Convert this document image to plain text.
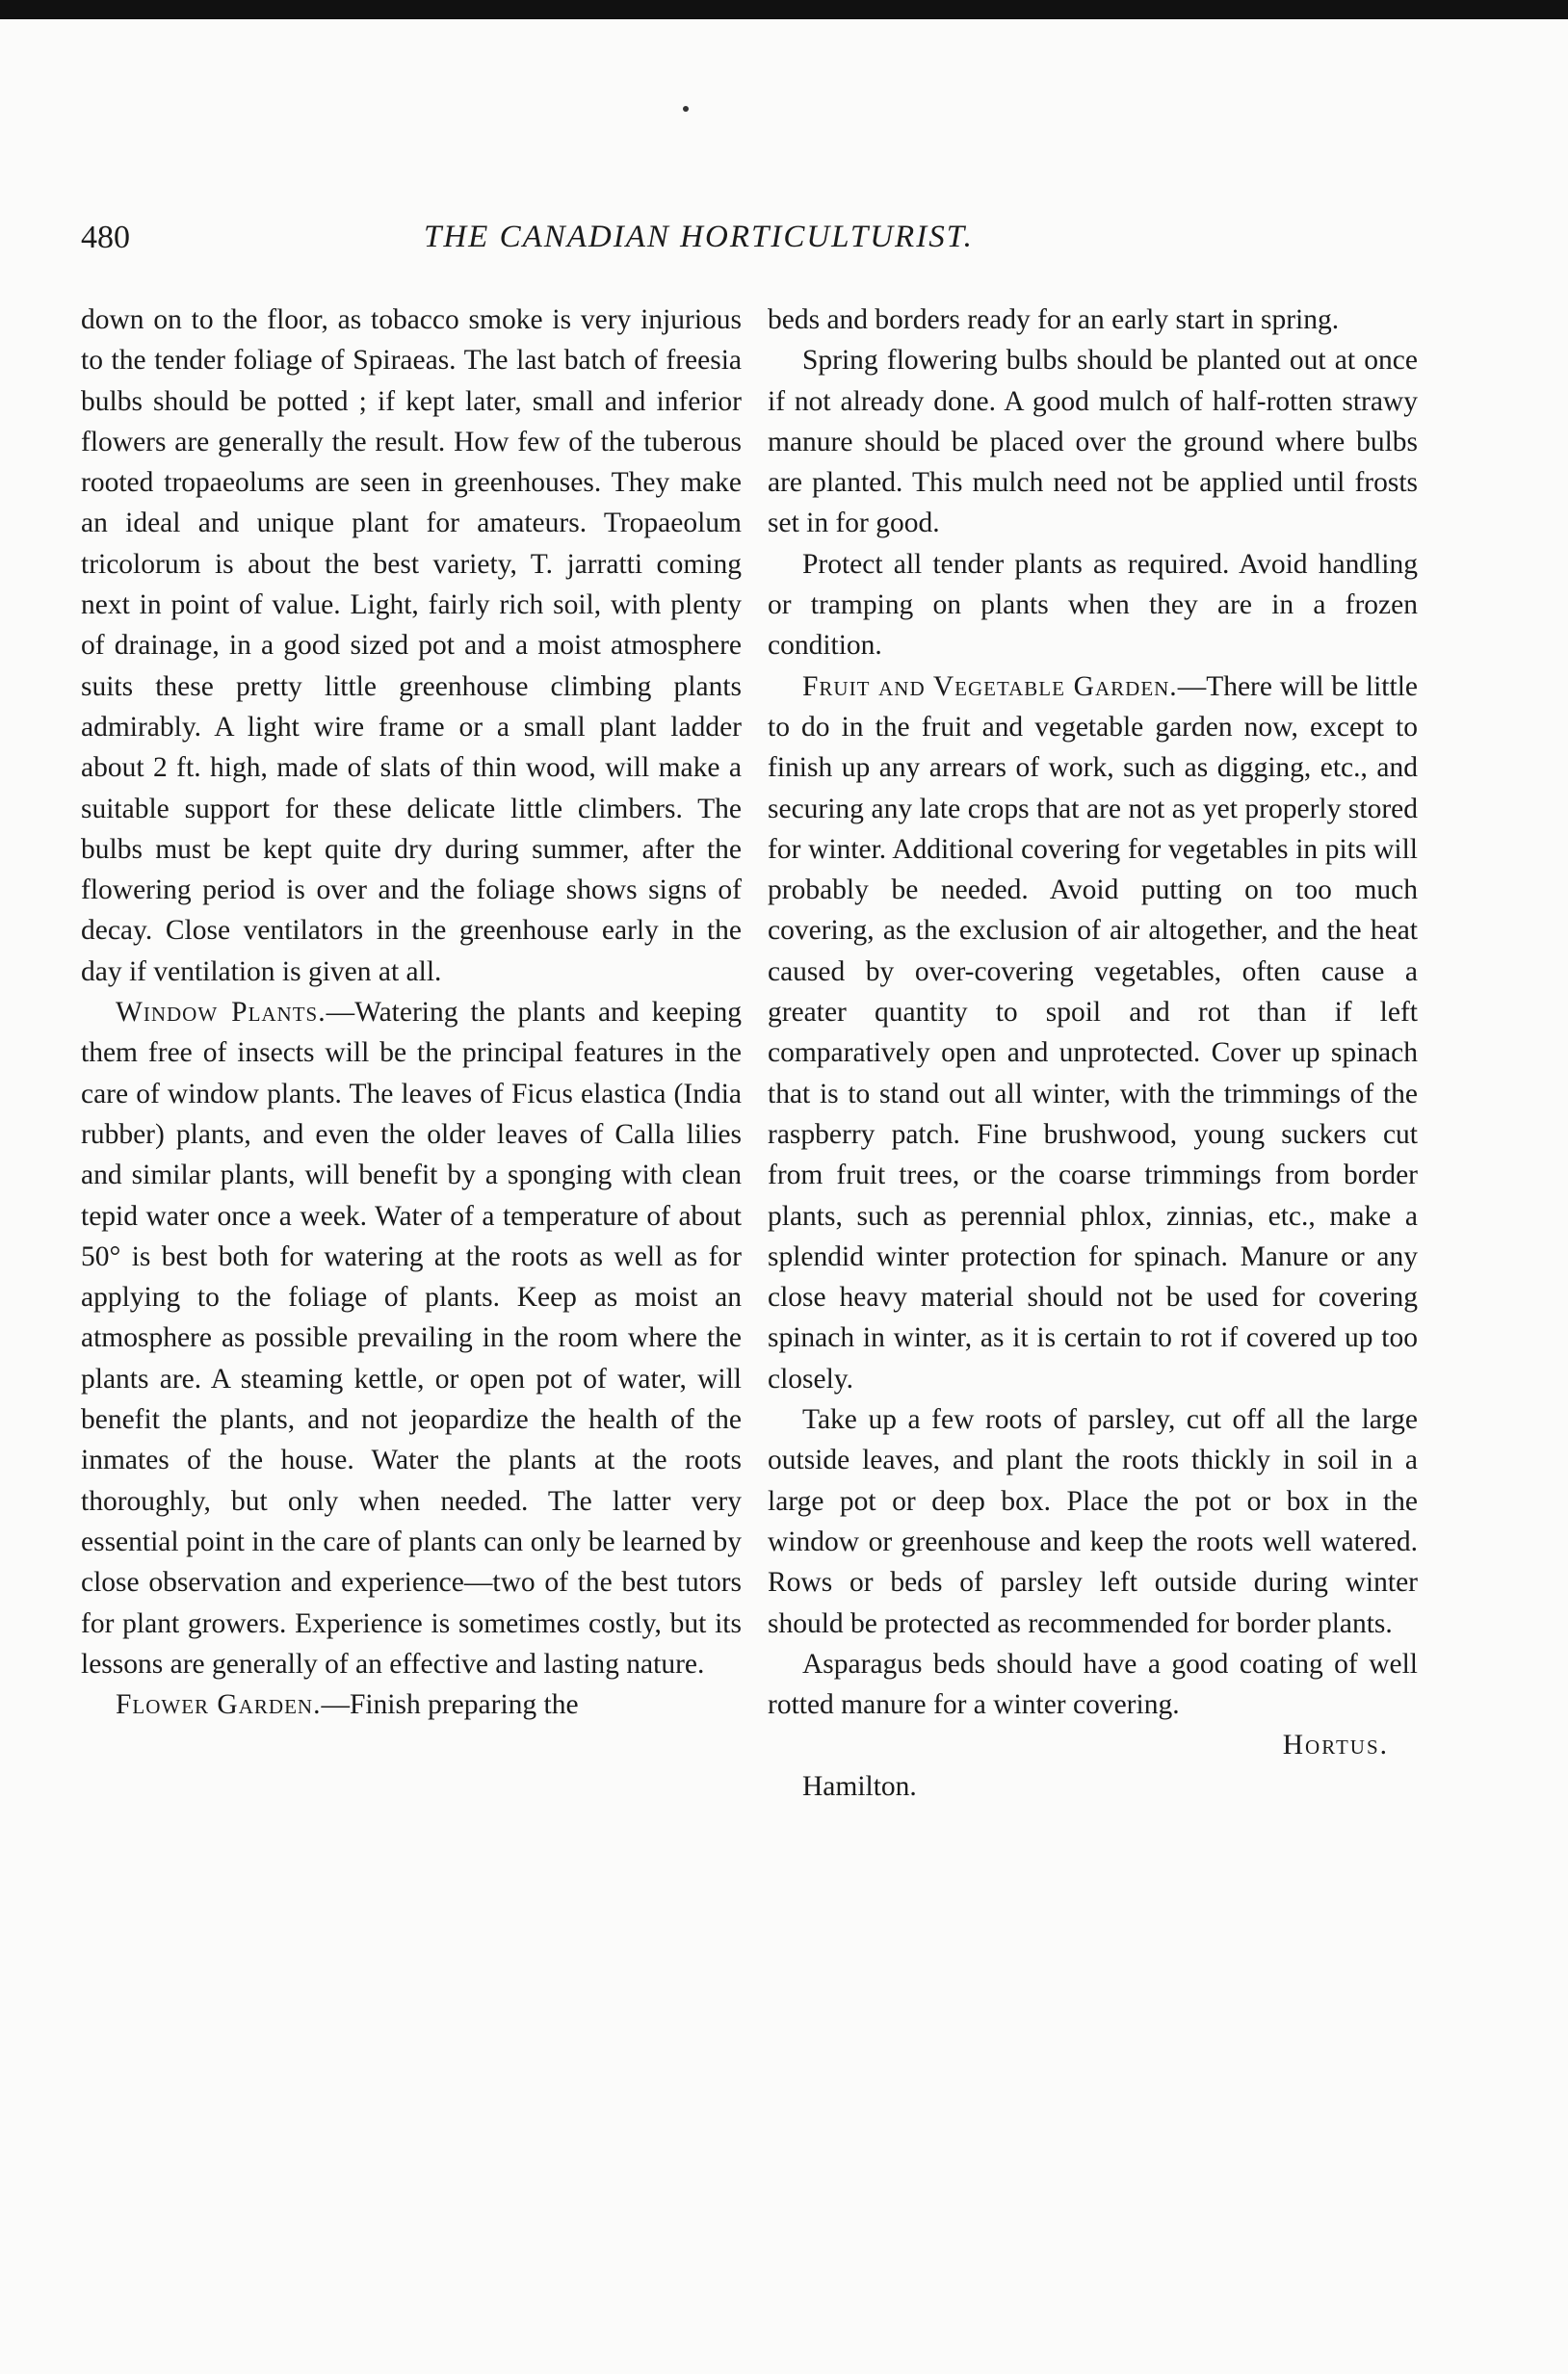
480	THE CANADIAN HORTICULTURIST.

down on to the floor, as tobacco smoke is very injurious to the tender foliage of Spiraeas. The last batch of freesia bulbs should be potted ; if kept later, small and inferior flowers are generally the result. How few of the tuberous rooted tropaeolums are seen in greenhouses. They make an ideal and unique plant for amateurs. Tropaeolum tricolorum is about the best variety, T. jarratti coming next in point of value. Light, fairly rich soil, with plenty of drainage, in a good sized pot and a moist atmosphere suits these pretty little greenhouse climbing plants admirably. A light wire frame or a small plant ladder about 2 ft. high, made of slats of thin wood, will make a suitable support for these delicate little climbers. The bulbs must be kept quite dry during summer, after the flowering period is over and the foliage shows signs of decay. Close ventilators in the greenhouse early in the day if ventilation is given at all.

Window Plants.—Watering the plants and keeping them free of insects will be the principal features in the care of window plants. The leaves of Ficus elastica (India rubber) plants, and even the older leaves of Calla lilies and similar plants, will benefit by a sponging with clean tepid water once a week. Water of a temperature of about 50° is best both for watering at the roots as well as for applying to the foliage of plants. Keep as moist an atmosphere as possible prevailing in the room where the plants are. A steaming kettle, or open pot of water, will benefit the plants, and not jeopardize the health of the inmates of the house. Water the plants at the roots thoroughly, but only when needed. The latter very essential point in the care of plants can only be learned by close observation and experience—two of the best tutors for plant growers. Experience is sometimes costly, but its lessons are generally of an effective and lasting nature.

Flower Garden.—Finish preparing the

beds and borders ready for an early start in spring.

Spring flowering bulbs should be planted out at once if not already done. A good mulch of half-rotten strawy manure should be placed over the ground where bulbs are planted. This mulch need not be applied until frosts set in for good.

Protect all tender plants as required. Avoid handling or tramping on plants when they are in a frozen condition.

Fruit and Vegetable Garden.—There will be little to do in the fruit and vegetable garden now, except to finish up any arrears of work, such as digging, etc., and securing any late crops that are not as yet properly stored for winter. Additional covering for vegetables in pits will probably be needed. Avoid putting on too much covering, as the exclusion of air altogether, and the heat caused by over-covering vegetables, often cause a greater quantity to spoil and rot than if left comparatively open and unprotected. Cover up spinach that is to stand out all winter, with the trimmings of the raspberry patch. Fine brushwood, young suckers cut from fruit trees, or the coarse trimmings from border plants, such as perennial phlox, zinnias, etc., make a splendid winter protection for spinach. Manure or any close heavy material should not be used for covering spinach in winter, as it is certain to rot if covered up too closely.

Take up a few roots of parsley, cut off all the large outside leaves, and plant the roots thickly in soil in a large pot or deep box. Place the pot or box in the window or greenhouse and keep the roots well watered. Rows or beds of parsley left outside during winter should be protected as recommended for border plants.

Asparagus beds should have a good coating of well rotted manure for a winter covering.

Hortus.

Hamilton.
